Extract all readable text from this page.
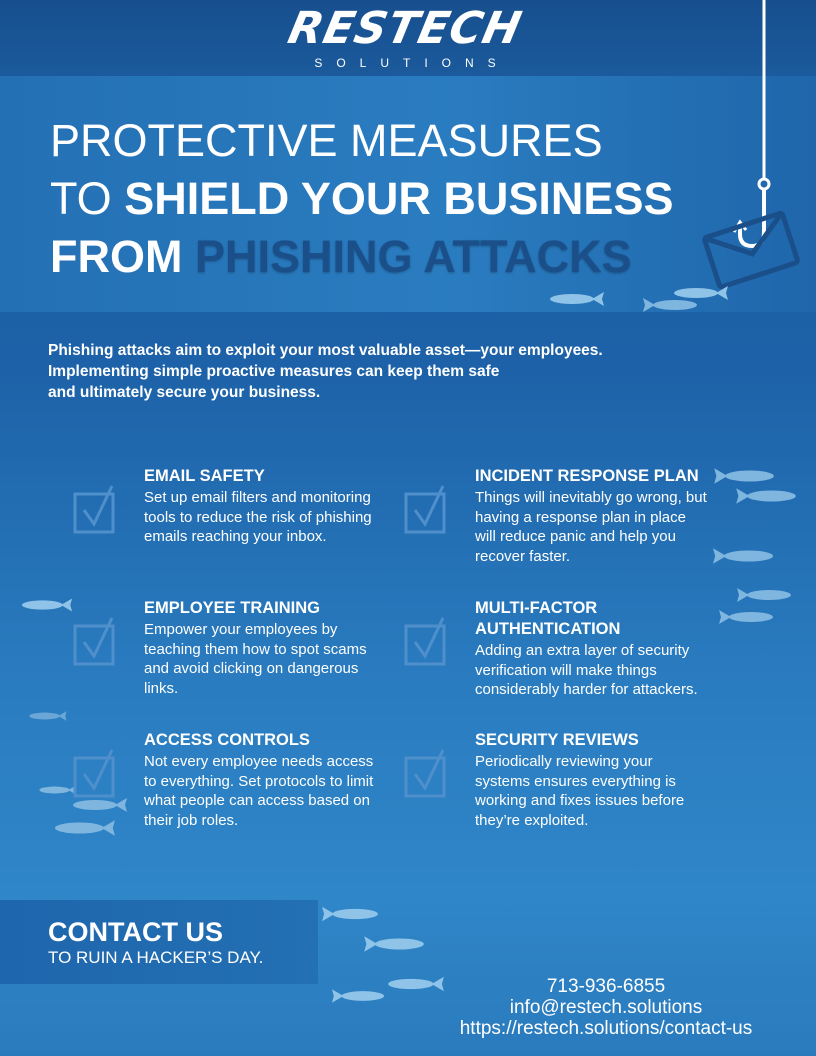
RESTECH
SOLUTIONS
PROTECTIVE MEASURES
TO SHIELD YOUR BUSINESS
FROM PHISHING ATTACKS
Phishing attacks aim to exploit your most valuable asset—your employees.
Implementing simple proactive measures can keep them safe
and ultimately secure your business.
EMAIL SAFETY

Set up email filters and monitoring tools to reduce the risk of phishing emails reaching your inbox.

EMPLOYEE TRAINING

Empower your employees by teaching them how to spot scams and avoid clicking on dangerous links.

ACCESS CONTROLS

Not every employee needs access to everything. Set protocols to limit what people can access based on their job roles.

INCIDENT RESPONSE PLAN

Things will inevitably go wrong, but having a response plan in place will reduce panic and help you recover faster.

MULTI-FACTOR AUTHENTICATION

Adding an extra layer of security verification will make things considerably harder for attackers.

SECURITY REVIEWS

Periodically reviewing your systems ensures everything is working and fixes issues before they’re exploited.

CONTACT US
TO RUIN A HACKER’S DAY.
713-936-6855
info@restech.solutions
https://restech.solutions/contact-us
